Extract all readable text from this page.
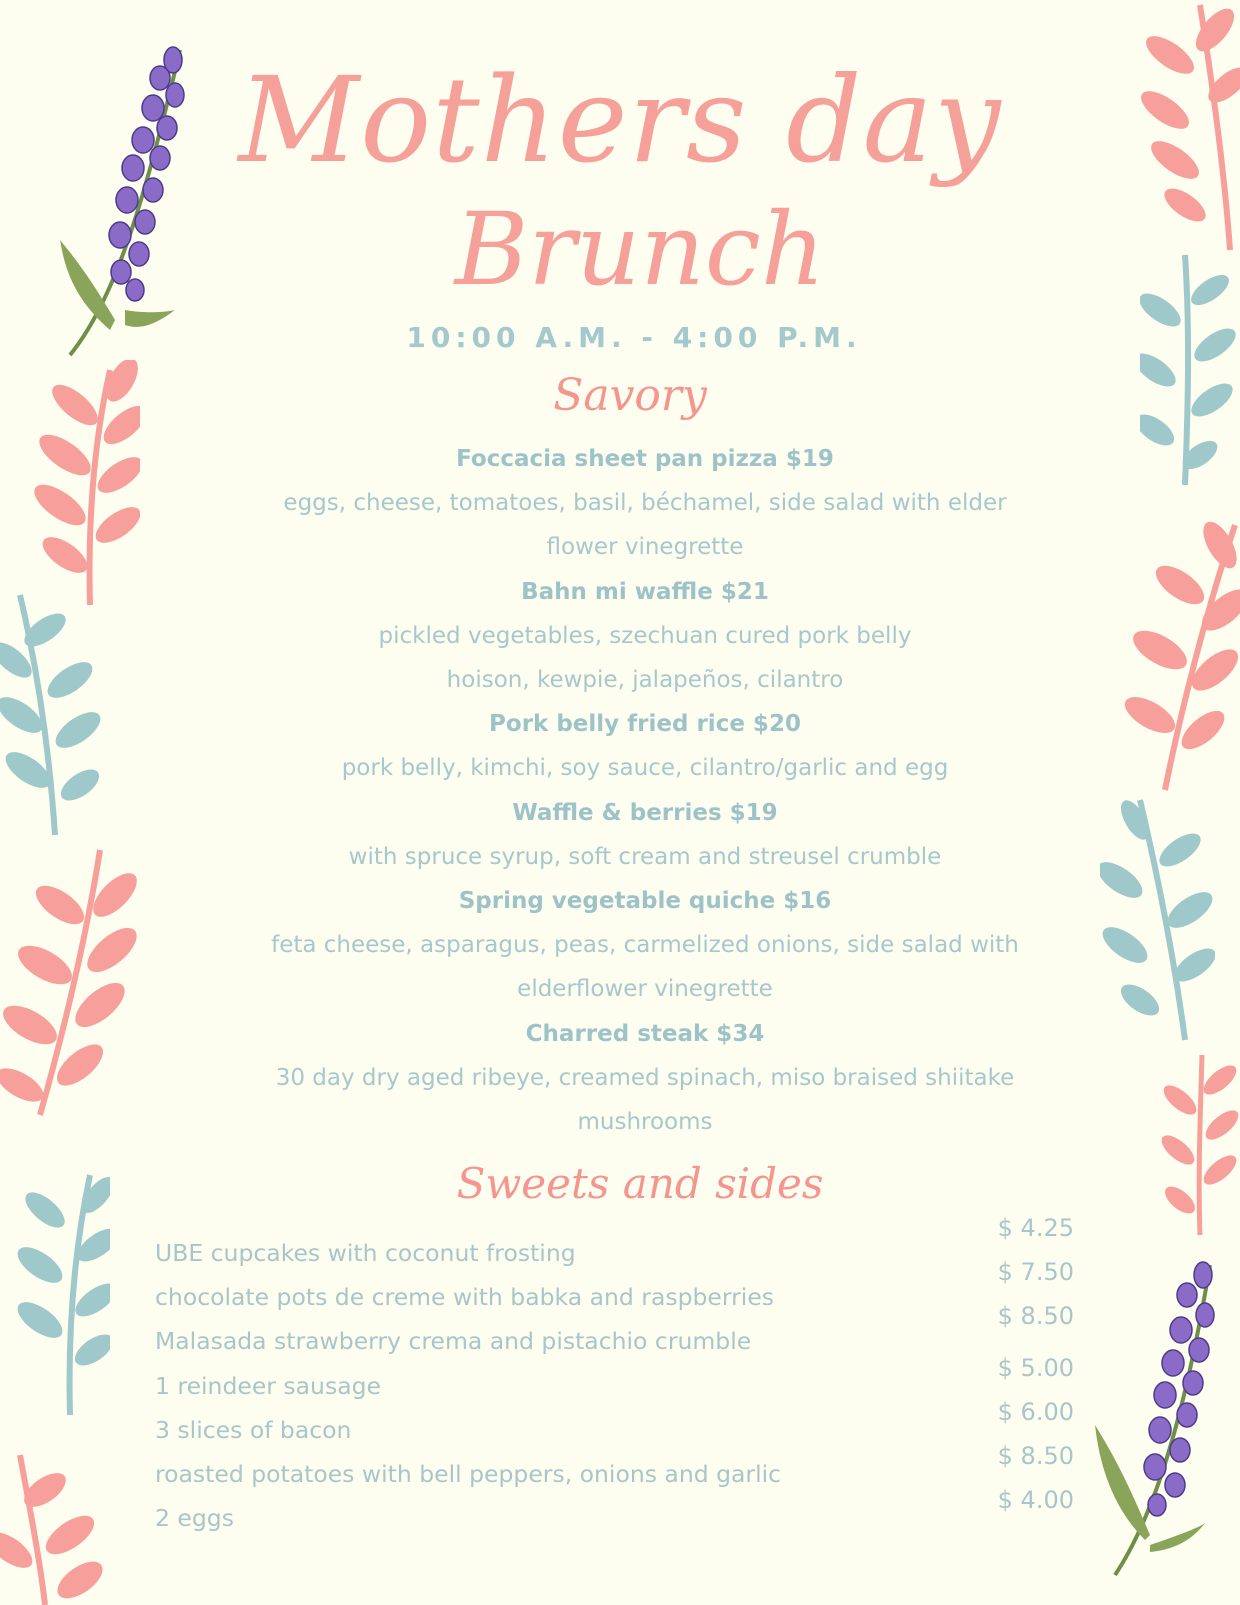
Mothers day
Brunch
10:00 A.M. - 4:00 P.M.
Savory
Foccacia sheet pan pizza $19
eggs, cheese, tomatoes, basil, béchamel, side salad with elder
flower vinegrette
Bahn mi waffle $21
pickled vegetables, szechuan cured pork belly
hoison, kewpie, jalapeños, cilantro
Pork belly fried rice $20
pork belly, kimchi, soy sauce, cilantro/garlic and egg
Waffle & berries $19
with spruce syrup, soft cream and streusel crumble
Spring vegetable quiche $16
feta cheese, asparagus, peas, carmelized onions, side salad with
elderflower vinegrette
Charred steak $34
30 day dry aged ribeye, creamed spinach, miso braised shiitake
mushrooms
Sweets and sides
UBE cupcakes with coconut frosting
chocolate pots de creme with babka and raspberries
Malasada strawberry crema and pistachio crumble
1 reindeer sausage
3 slices of bacon
roasted potatoes with bell peppers, onions and garlic
2 eggs
$ 4.25
$ 7.50
$ 8.50
$ 5.00
$ 6.00
$ 8.50
$ 4.00
